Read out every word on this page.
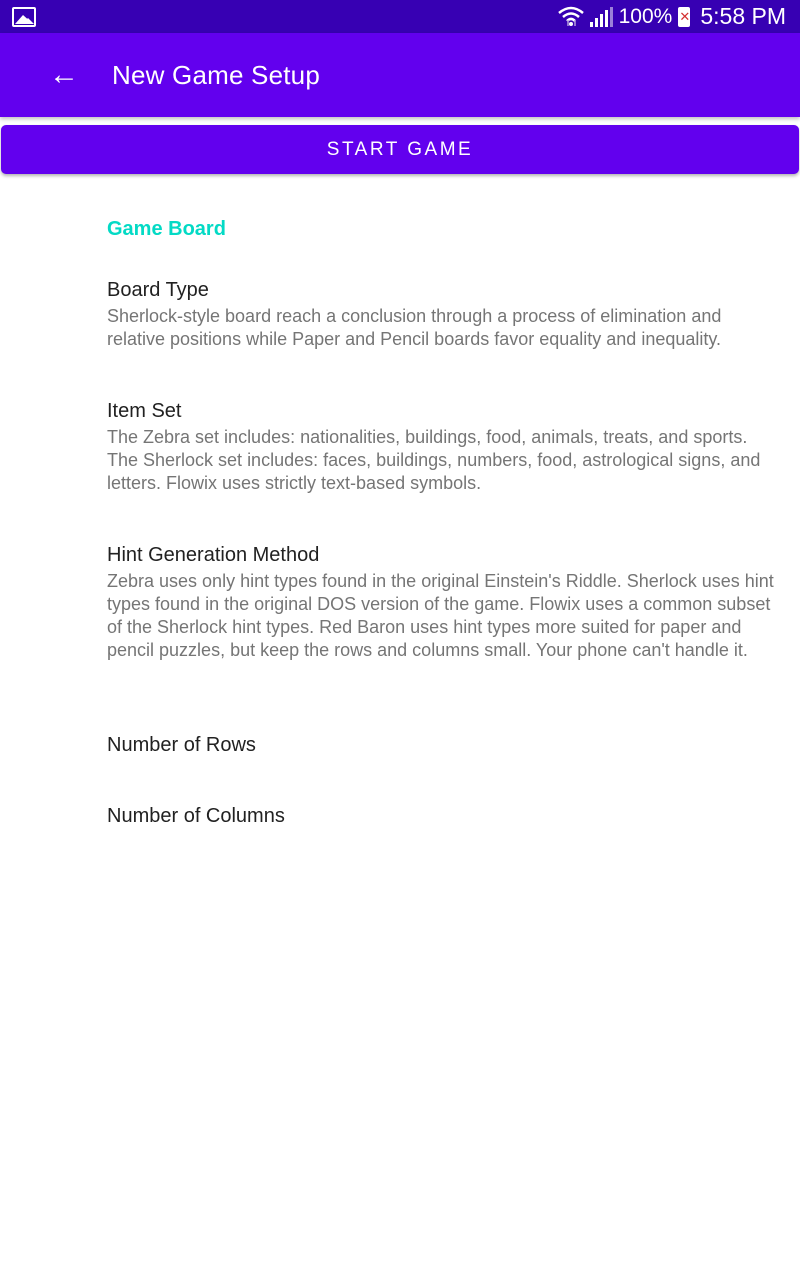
100% ✕ 5:58 PM
← New Game Setup
START GAME
Game Board
Board Type
Sherlock-style board reach a conclusion through a process of elimination and relative positions while Paper and Pencil boards favor equality and inequality.
Item Set
The Zebra set includes: nationalities, buildings, food, animals, treats, and sports. The Sherlock set includes: faces, buildings, numbers, food, astrological signs, and letters. Flowix uses strictly text-based symbols.
Hint Generation Method
Zebra uses only hint types found in the original Einstein's Riddle. Sherlock uses hint types found in the original DOS version of the game. Flowix uses a common subset of the Sherlock hint types. Red Baron uses hint types more suited for paper and pencil puzzles, but keep the rows and columns small. Your phone can't handle it.
Number of Rows
Number of Columns
